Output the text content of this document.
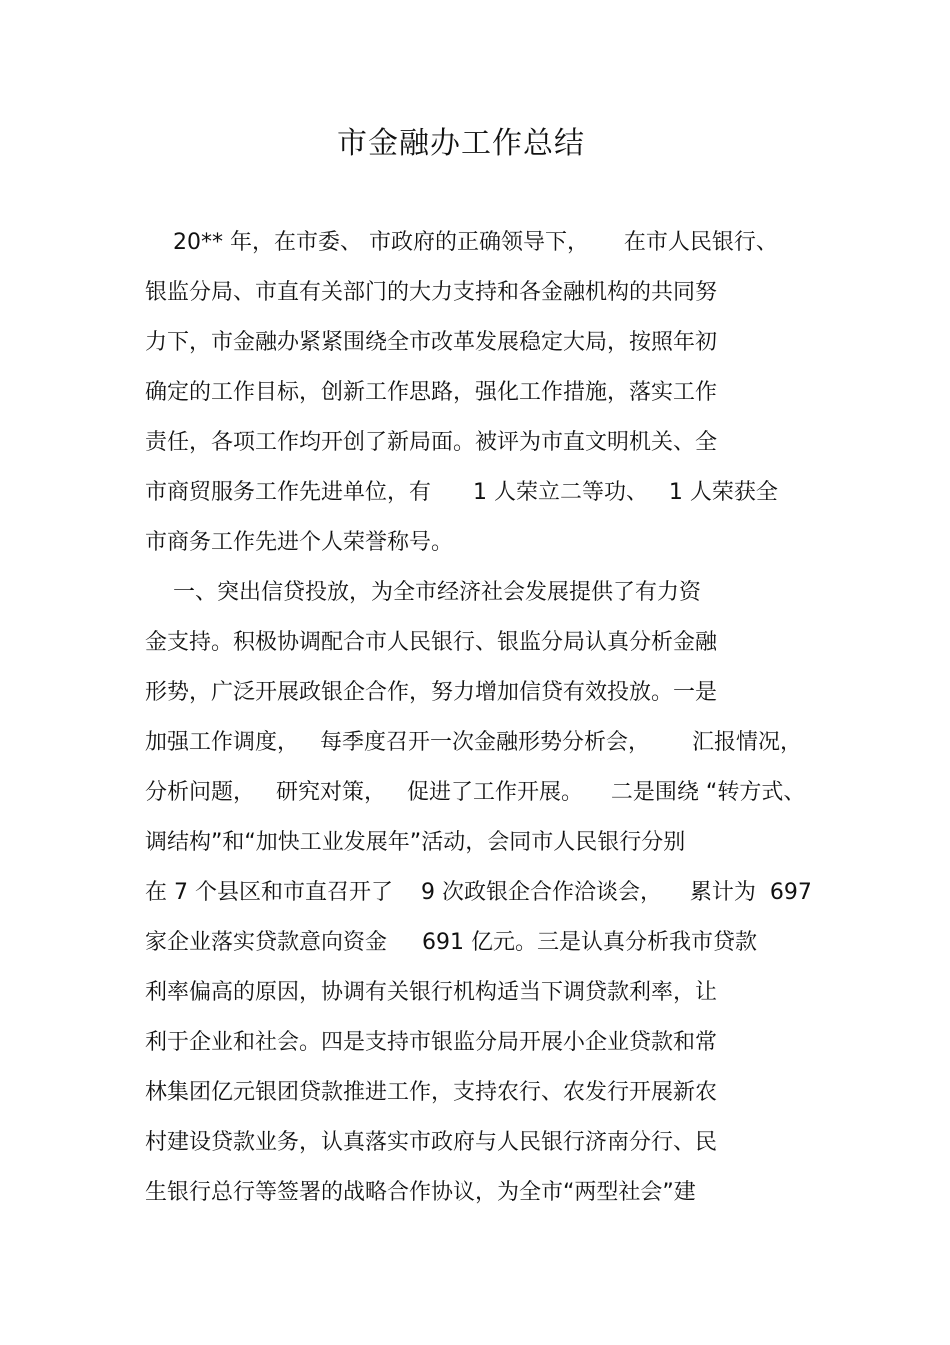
市金融办工作总结

20** 年，在市委、 市政府的正确领导下，     在市人民银行、

银监分局、市直有关部门的大力支持和各金融机构的共同努

力下，市金融办紧紧围绕全市改革发展稳定大局，按照年初

确定的工作目标，创新工作思路，强化工作措施，落实工作

责任，各项工作均开创了新局面。被评为市直文明机关、全

市商贸服务工作先进单位，有      1 人荣立二等功、   1 人荣获全

市商务工作先进个人荣誉称号。

一、突出信贷投放，为全市经济社会发展提供了有力资

金支持。积极协调配合市人民银行、银监分局认真分析金融

形势，广泛开展政银企合作，努力增加信贷有效投放。一是

加强工作调度，   每季度召开一次金融形势分析会，      汇报情况，

分析问题，   研究对策，   促进了工作开展。    二是围绕 “转方式、

调结构”和“加快工业发展年”活动，会同市人民银行分别

在 7 个县区和市直召开了    9 次政银企合作洽谈会，    累计为  697

家企业落实贷款意向资金     691 亿元。三是认真分析我市贷款

利率偏高的原因，协调有关银行机构适当下调贷款利率，让

利于企业和社会。四是支持市银监分局开展小企业贷款和常

林集团亿元银团贷款推进工作，支持农行、农发行开展新农

村建设贷款业务，认真落实市政府与人民银行济南分行、民

生银行总行等签署的战略合作协议，为全市“两型社会”建
